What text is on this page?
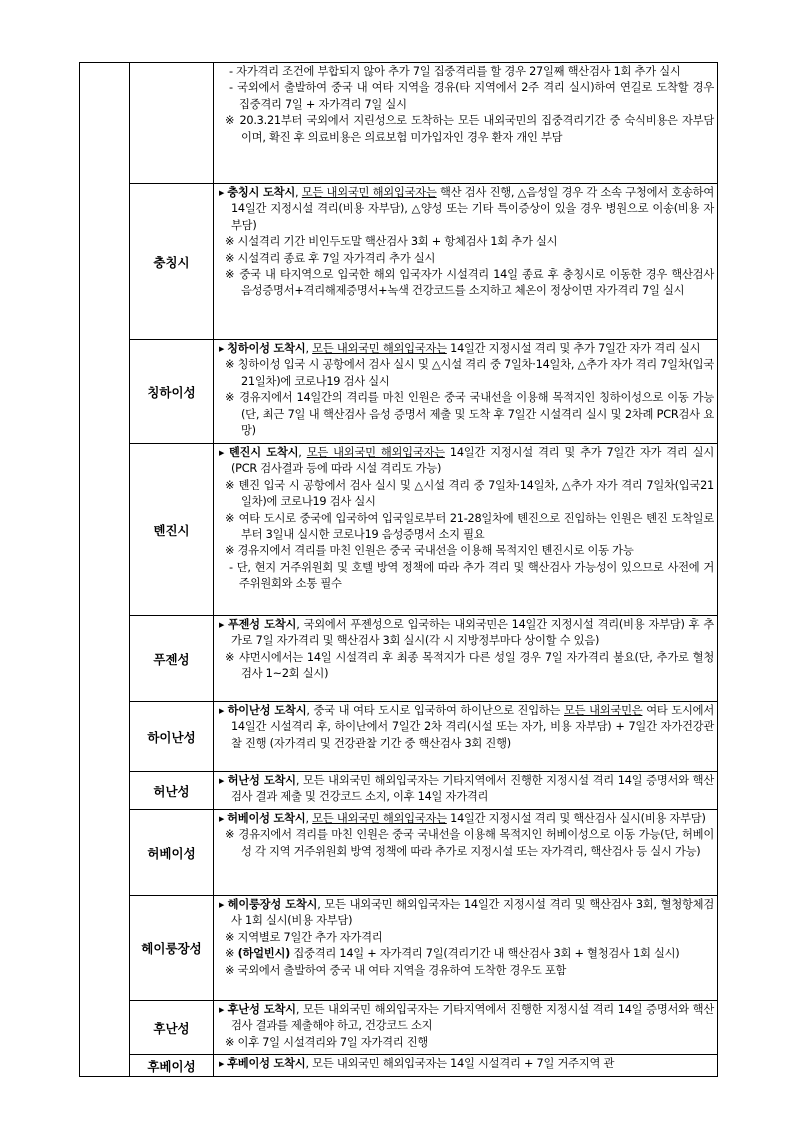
		- 자가격리 조건에 부합되지 않아 추가 7일 집중격리를 할 경우 27일째 핵산검사 1회 추가 실시
- 국외에서 출발하여 중국 내 여타 지역을 경유(타 지역에서 2주 격리 실시)하여 연길로 도착할 경우 집중격리 7일 + 자가격리 7일 실시
※ 20.3.21부터 국외에서 지린성으로 도착하는 모든 내외국민의 집중격리기간 중 숙식비용은 자부담이며, 확진 후 의료비용은 의료보험 미가입자인 경우 환자 개인 부담

	충칭시	▶ 충칭시 도착시, 모든 내외국민 해외입국자는 핵산 검사 진행, △음성일 경우 각 소속 구청에서 호송하여 14일간 지정시설 격리(비용 자부담), △양성 또는 기타 특이증상이 있을 경우 병원으로 이송(비용 자부담)
※ 시설격리 기간 비인두도말 핵산검사 3회 + 항체검사 1회 추가 실시
※ 시설격리 종료 후 7일 자가격리 추가 실시
※ 중국 내 타지역으로 입국한 해외 입국자가 시설격리 14일 종료 후 충칭시로 이동한 경우 핵산검사 음성증명서+격리해제증명서+녹색 건강코드를 소지하고 체온이 정상이면 자가격리 7일 실시

	칭하이성	▶ 칭하이성 도착시, 모든 내외국민 해외입국자는 14일간 지정시설 격리 및 추가 7일간 자가 격리 실시
※ 칭하이성 입국 시 공항에서 검사 실시 및 △시설 격리 중 7일차·14일차, △추가 자가 격리 7일차(입국21일차)에 코로나19 검사 실시
※ 경유지에서 14일간의 격리를 마친 인원은 중국 국내선을 이용해 목적지인 칭하이성으로 이동 가능(단, 최근 7일 내 핵산검사 음성 증명서 제출 및 도착 후 7일간 시설격리 실시 및 2차례 PCR검사 요망)

	톈진시	▶ 톈진시 도착시, 모든 내외국민 해외입국자는 14일간 지정시설 격리 및 추가 7일간 자가 격리 실시(PCR 검사결과 등에 따라 시설 격리도 가능)
※ 톈진 입국 시 공항에서 검사 실시 및 △시설 격리 중 7일차·14일차, △추가 자가 격리 7일차(입국21일차)에 코로나19 검사 실시
※ 여타 도시로 중국에 입국하여 입국일로부터 21-28일차에 톈진으로 진입하는 인원은 톈진 도착일로부터 3일내 실시한 코로나19 음성증명서 소지 필요
※ 경유지에서 격리를 마친 인원은 중국 국내선을 이용해 목적지인 톈진시로 이동 가능
- 단, 현지 거주위원회 및 호텔 방역 정책에 따라 추가 격리 및 핵산검사 가능성이 있으므로 사전에 거주위원회와 소통 필수

	푸젠성	▶ 푸젠성 도착시, 국외에서 푸젠성으로 입국하는 내외국민은 14일간 지정시설 격리(비용 자부담) 후 추가로 7일 자가격리 및 핵산검사 3회 실시(각 시 지방정부마다 상이할 수 있음)
※ 샤먼시에서는 14일 시설격리 후 최종 목적지가 다른 성일 경우 7일 자가격리 불요(단, 추가로 혈청검사 1~2회 실시)

	하이난성	▶ 하이난성 도착시, 중국 내 여타 도시로 입국하여 하이난으로 진입하는 모든 내외국민은 여타 도시에서 14일간 시설격리 후, 하이난에서 7일간 2차 격리(시설 또는 자가, 비용 자부담) + 7일간 자가건강관찰 진행 (자가격리 및 건강관찰 기간 중 핵산검사 3회 진행)

	허난성	▶ 허난성 도착시, 모든 내외국민 해외입국자는 기타지역에서 진행한 지정시설 격리 14일 증명서와 핵산검사 결과 제출 및 건강코드 소지, 이후 14일 자가격리

	허베이성	▶ 허베이성 도착시, 모든 내외국민 해외입국자는 14일간 지정시설 격리 및 핵산검사 실시(비용 자부담)
※ 경유지에서 격리를 마친 인원은 중국 국내선을 이용해 목적지인 허베이성으로 이동 가능(단, 허베이성 각 지역 거주위원회 방역 정책에 따라 추가로 지정시설 또는 자가격리, 핵산검사 등 실시 가능)

	헤이룽장성	▶ 헤이룽장성 도착시, 모든 내외국민 해외입국자는 14일간 지정시설 격리 및 핵산검사 3회, 혈청항체검사 1회 실시(비용 자부담)
※ 지역별로 7일간 추가 자가격리
※ (하얼빈시) 집중격리 14일 + 자가격리 7일(격리기간 내 핵산검사 3회 + 혈청검사 1회 실시)
※ 국외에서 출발하여 중국 내 여타 지역을 경유하여 도착한 경우도 포함

	후난성	▶ 후난성 도착시, 모든 내외국민 해외입국자는 기타지역에서 진행한 지정시설 격리 14일 증명서와 핵산검사 결과를 제출해야 하고, 건강코드 소지
※ 이후 7일 시설격리와 7일 자가격리 진행

	후베이성	▶ 후베이성 도착시, 모든 내외국민 해외입국자는 14일 시설격리 + 7일 거주지역 관
